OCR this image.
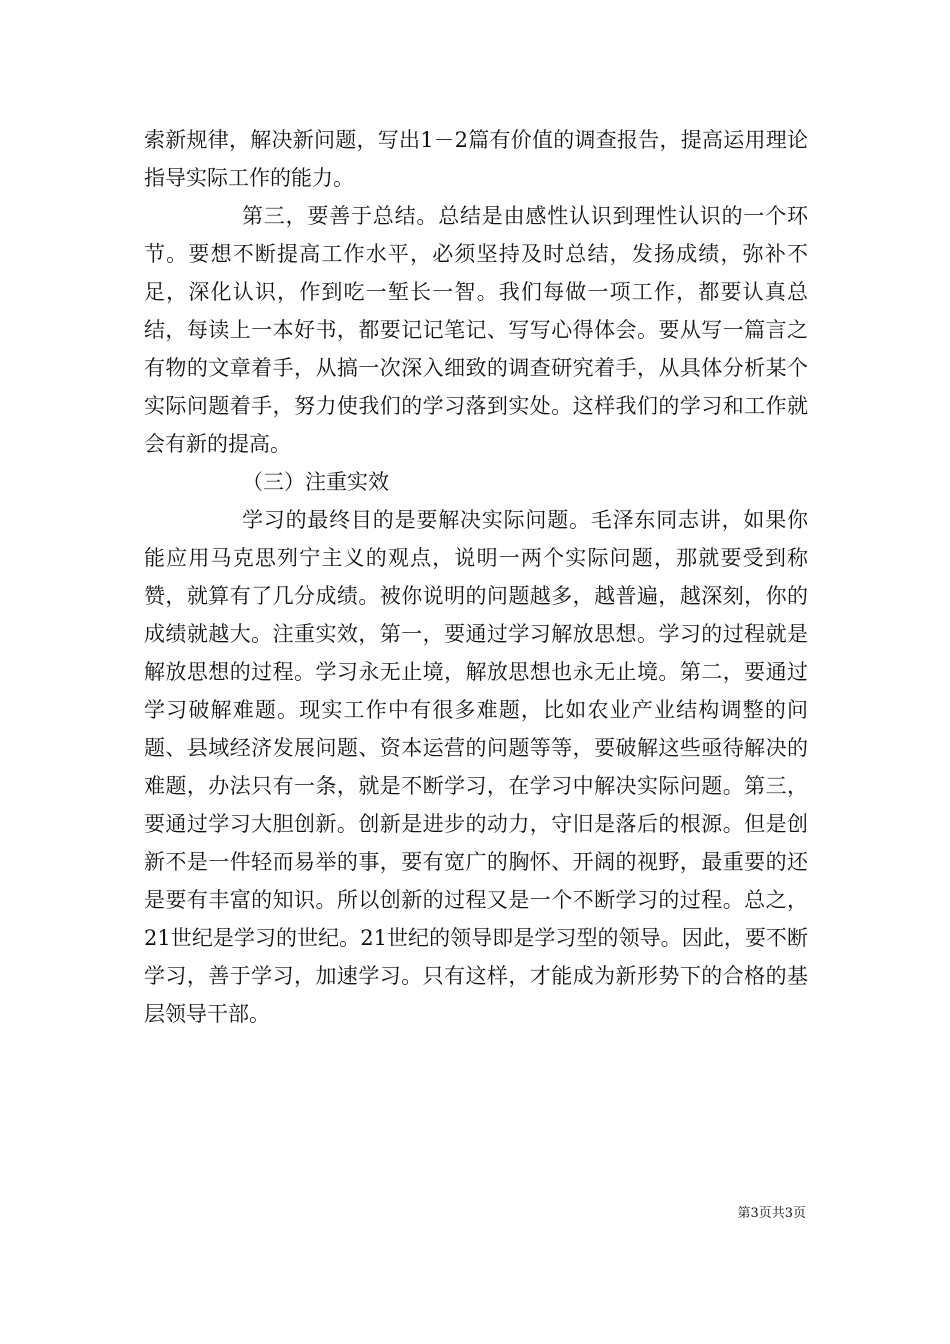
索新规律，解决新问题，写出1－2篇有价值的调查报告，提高运用理论指导实际工作的能力。

第三，要善于总结。总结是由感性认识到理性认识的一个环节。要想不断提高工作水平，必须坚持及时总结，发扬成绩，弥补不足，深化认识，作到吃一堑长一智。我们每做一项工作，都要认真总结，每读上一本好书，都要记记笔记、写写心得体会。要从写一篇言之有物的文章着手，从搞一次深入细致的调查研究着手，从具体分析某个实际问题着手，努力使我们的学习落到实处。这样我们的学习和工作就会有新的提高。

（三）注重实效

学习的最终目的是要解决实际问题。毛泽东同志讲，如果你能应用马克思列宁主义的观点，说明一两个实际问题，那就要受到称赞，就算有了几分成绩。被你说明的问题越多，越普遍，越深刻，你的成绩就越大。注重实效，第一，要通过学习解放思想。学习的过程就是解放思想的过程。学习永无止境，解放思想也永无止境。第二，要通过学习破解难题。现实工作中有很多难题，比如农业产业结构调整的问题、县域经济发展问题、资本运营的问题等等，要破解这些亟待解决的难题，办法只有一条，就是不断学习，在学习中解决实际问题。第三，要通过学习大胆创新。创新是进步的动力，守旧是落后的根源。但是创新不是一件轻而易举的事，要有宽广的胸怀、开阔的视野，最重要的还是要有丰富的知识。所以创新的过程又是一个不断学习的过程。总之，21世纪是学习的世纪。21世纪的领导即是学习型的领导。因此，要不断学习，善于学习，加速学习。只有这样，才能成为新形势下的合格的基层领导干部。

第3页共3页
